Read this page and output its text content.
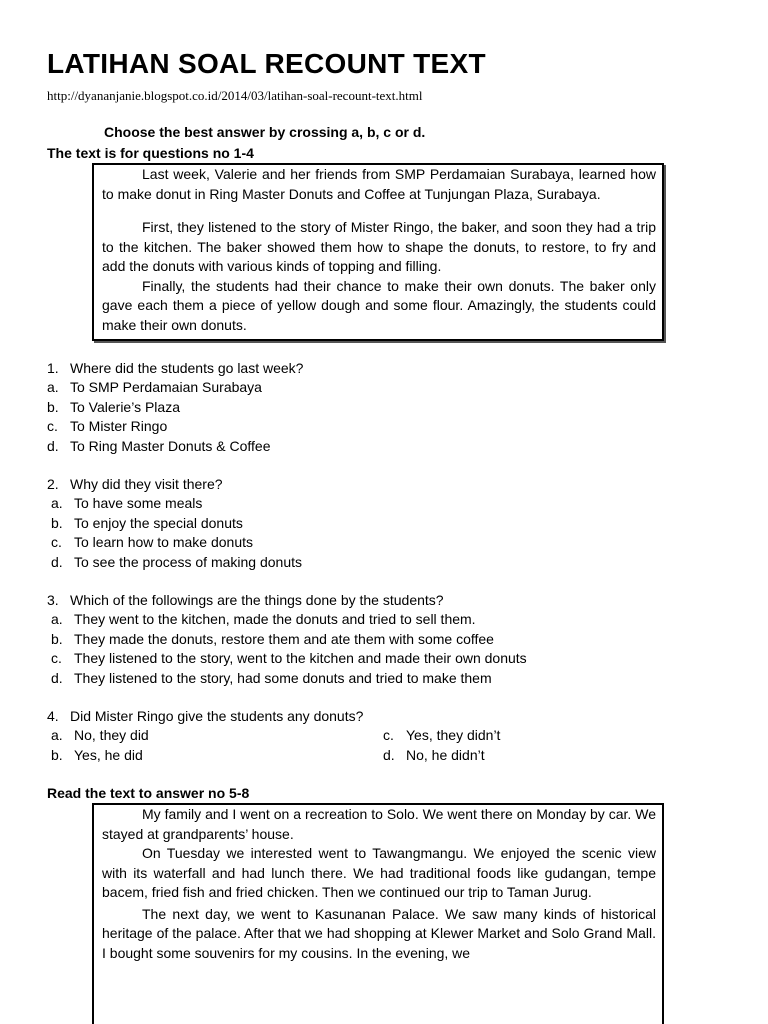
LATIHAN SOAL RECOUNT TEXT
http://dyananjanie.blogspot.co.id/2014/03/latihan-soal-recount-text.html
Choose the best answer by crossing a, b, c or d.
The text is for questions no 1-4

Last week, Valerie and her friends from SMP Perdamaian Surabaya, learned how to make donut in Ring Master Donuts and Coffee at Tunjungan Plaza, Surabaya.

First, they listened to the story of Mister Ringo, the baker, and soon they had a trip to the kitchen. The baker showed them how to shape the donuts, to restore, to fry and add the donuts with various kinds of topping and filling.

Finally, the students had their chance to make their own donuts. The baker only gave each them a piece of yellow dough and some flour. Amazingly, the students could make their own donuts.

1. Where did the students go last week?
a. To SMP Perdamaian Surabaya
b. To Valerie’s Plaza
c. To Mister Ringo
d. To Ring Master Donuts & Coffee
2. Why did they visit there?
a. To have some meals
b. To enjoy the special donuts
c. To learn how to make donuts
d. To see the process of making donuts
3. Which of the followings are the things done by the students?
a. They went to the kitchen, made the donuts and tried to sell them.
b. They made the donuts, restore them and ate them with some coffee
c. They listened to the story, went to the kitchen and made their own donuts
d. They listened to the story, had some donuts and tried to make them
4. Did Mister Ringo give the students any donuts?
a. No, they did
b. Yes, he did
c. Yes, they didn’t
d. No, he didn’t
Read the text to answer no 5-8

My family and I went on a recreation to Solo. We went there on Monday by car. We stayed at grandparents’ house.

On Tuesday we interested went to Tawangmangu. We enjoyed the scenic view with its waterfall and had lunch there. We had traditional foods like gudangan, tempe bacem, fried fish and fried chicken. Then we continued our trip to Taman Jurug.

The next day, we went to Kasunanan Palace. We saw many kinds of historical heritage of the palace. After that we had shopping at Klewer Market and Solo Grand Mall. I bought some souvenirs for my cousins. In the evening, we
